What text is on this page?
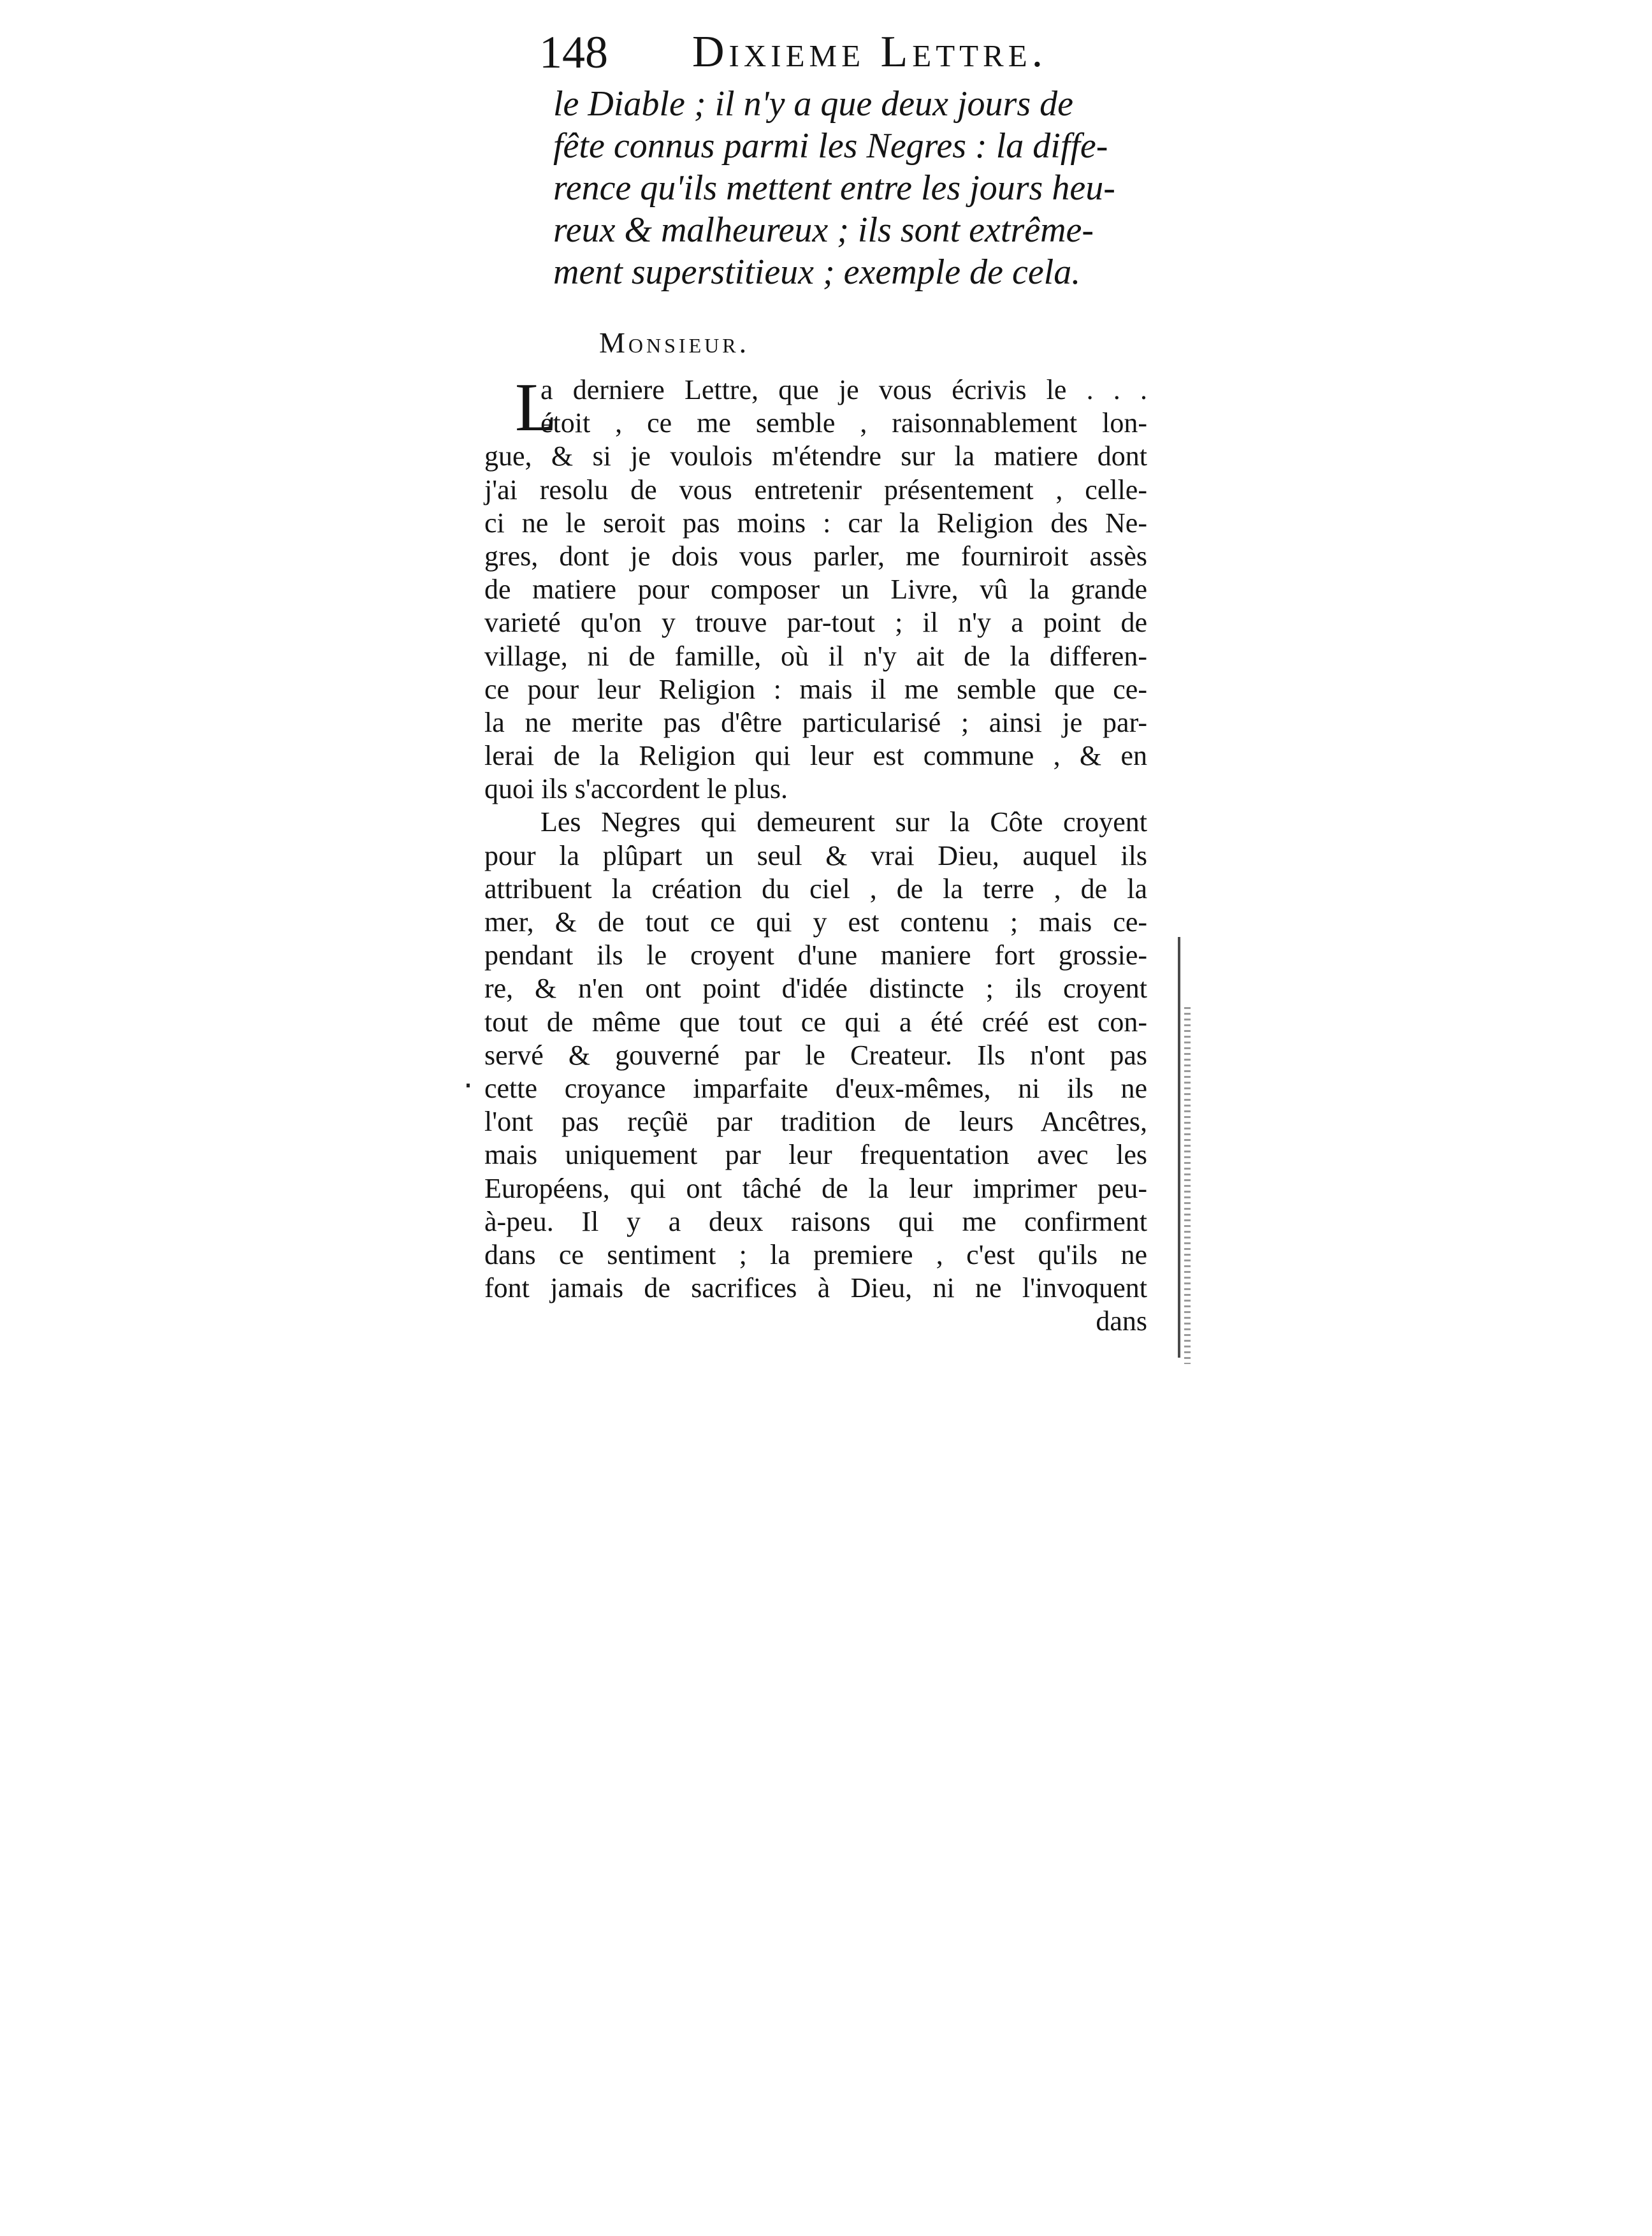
148 Dixieme Lettre.
le Diable ; il n'y a que deux jours de
fête connus parmi les Negres : la diffe-
rence qu'ils mettent entre les jours heu-
reux & malheureux ; ils sont extrême-
ment superstitieux ; exemple de cela.
Monsieur.
L
a derniere Lettre, que je vous écrivis le . . .
étoit , ce me semble , raisonnablement lon-
gue, & si je voulois m'étendre sur la matiere dont
j'ai resolu de vous entretenir présentement , celle-
ci ne le seroit pas moins : car la Religion des Ne-
gres, dont je dois vous parler, me fourniroit assès
de matiere pour composer un Livre, vû la grande
varieté qu'on y trouve par-tout ; il n'y a point de
village, ni de famille, où il n'y ait de la differen-
ce pour leur Religion : mais il me semble que ce-
la ne merite pas d'être particularisé ; ainsi je par-
lerai de la Religion qui leur est commune , & en
quoi ils s'accordent le plus.
Les Negres qui demeurent sur la Côte croyent
pour la plûpart un seul & vrai Dieu, auquel ils
attribuent la création du ciel , de la terre , de la
mer, & de tout ce qui y est contenu ; mais ce-
pendant ils le croyent d'une maniere fort grossie-
re, & n'en ont point d'idée distincte ; ils croyent
tout de même que tout ce qui a été créé est con-
servé & gouverné par le Createur. Ils n'ont pas
cette croyance imparfaite d'eux-mêmes, ni ils ne
l'ont pas reçûë par tradition de leurs Ancêtres,
mais uniquement par leur frequentation avec les
Européens, qui ont tâché de la leur imprimer peu-
à-peu. Il y a deux raisons qui me confirment
dans ce sentiment ; la premiere , c'est qu'ils ne
font jamais de sacrifices à Dieu, ni ne l'invoquent
dans
